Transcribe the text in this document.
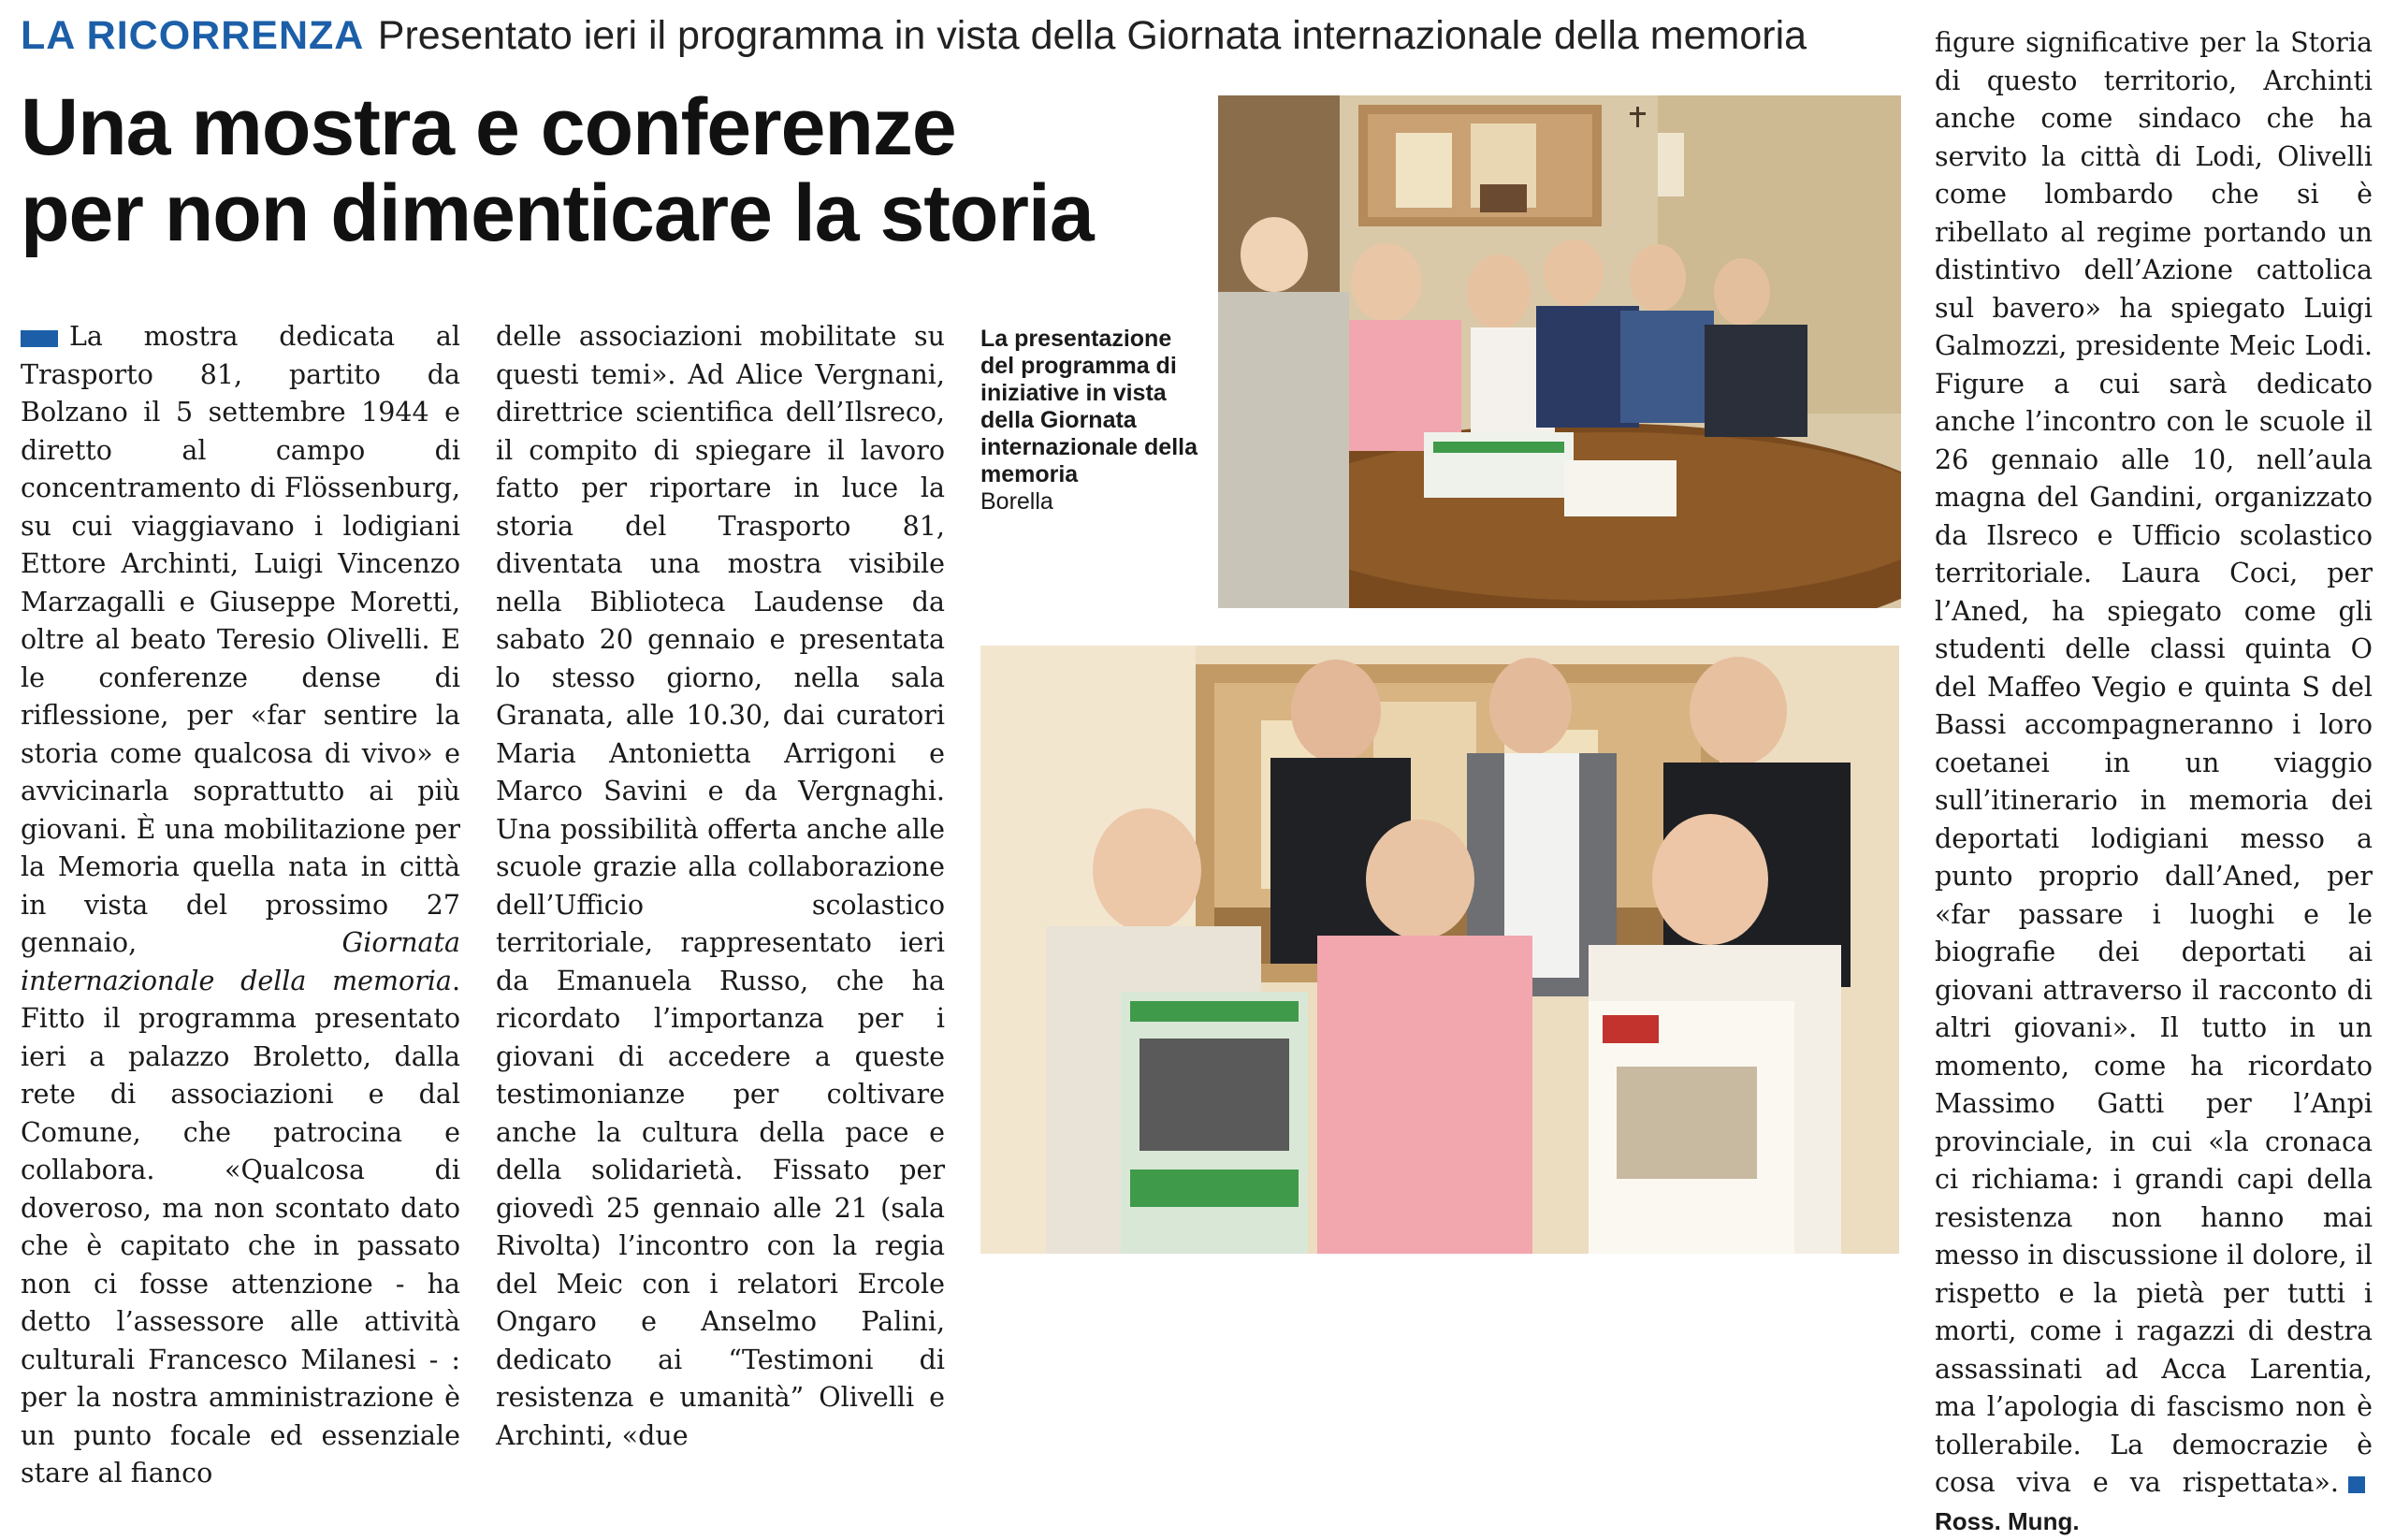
LA RICORRENZA Presentato ieri il programma in vista della Giornata internazionale della memoria
Una mostra e conferenze
per non dimenticare la storia

La mostra dedicata al Trasporto 81, partito da Bolzano il 5 settembre 1944 e diretto al campo di concentramento di Flössenburg, su cui viaggiavano i lodigiani Ettore Archinti, Luigi Vincenzo Marzagalli e Giuseppe Moretti, oltre al beato Teresio Olivelli. E le conferenze dense di riflessione, per «far sentire la storia come qualcosa di vivo» e avvicinarla soprattutto ai più giovani. È una mobilitazione per la Memoria quella nata in città in vista del prossimo 27 gennaio, Giornata internazionale della memoria. Fitto il programma presentato ieri a palazzo Broletto, dalla rete di associazioni e dal Comune, che patrocina e collabora. «Qualcosa di doveroso, ma non scontato dato che è capitato che in passato non ci fosse attenzione - ha detto l’assessore alle attività culturali Francesco Milanesi - : per la nostra amministrazione è un punto focale ed essenziale stare al fianco

delle associazioni mobilitate su questi temi». Ad Alice Vergnani, direttrice scientifica dell’Ilsreco, il compito di spiegare il lavoro fatto per riportare in luce la storia del Trasporto 81, diventata una mostra visibile nella Biblioteca Laudense da sabato 20 gennaio e presentata lo stesso giorno, nella sala Granata, alle 10.30, dai curatori Maria Antonietta Arrigoni e Marco Savini e da Vergnaghi. Una possibilità offerta anche alle scuole grazie alla collaborazione dell’Ufficio scolastico territoriale, rappresentato ieri da Emanuela Russo, che ha ricordato l’importanza per i giovani di accedere a queste testimonianze per coltivare anche la cultura della pace e della solidarietà. Fissato per giovedì 25 gennaio alle 21 (sala Rivolta) l’incontro con la regia del Meic con i relatori Ercole Ongaro e Anselmo Palini, dedicato ai “Testimoni di resistenza e umanità” Olivelli e Archinti, «due

La presentazione del programma di iniziative in vista della Giornata internazionale della memoria
Borella

figure significative per la Storia di questo territorio, Archinti anche come sindaco che ha servito la città di Lodi, Olivelli come lombardo che si è ribellato al regime portando un distintivo dell’Azione cattolica sul bavero» ha spiegato Luigi Galmozzi, presidente Meic Lodi. Figure a cui sarà dedicato anche l’incontro con le scuole il 26 gennaio alle 10, nell’aula magna del Gandini, organizzato da Ilsreco e Ufficio scolastico territoriale. Laura Coci, per l’Aned, ha spiegato come gli studenti delle classi quinta O del Maffeo Vegio e quinta S del Bassi accompagneranno i loro coetanei in un viaggio sull’itinerario in memoria dei deportati lodigiani messo a punto proprio dall’Aned, per «far passare i luoghi e le biografie dei deportati ai giovani attraverso il racconto di altri giovani». Il tutto in un momento, come ha ricordato Massimo Gatti per l’Anpi provinciale, in cui «la cronaca ci richiama: i grandi capi della resistenza non hanno mai messo in discussione il dolore, il rispetto e la pietà per tutti i morti, come i ragazzi di destra assassinati ad Acca Larentia, ma l’apologia di fascismo non è tollerabile. La democrazie è cosa viva e va rispettata».Ross. Mung.
